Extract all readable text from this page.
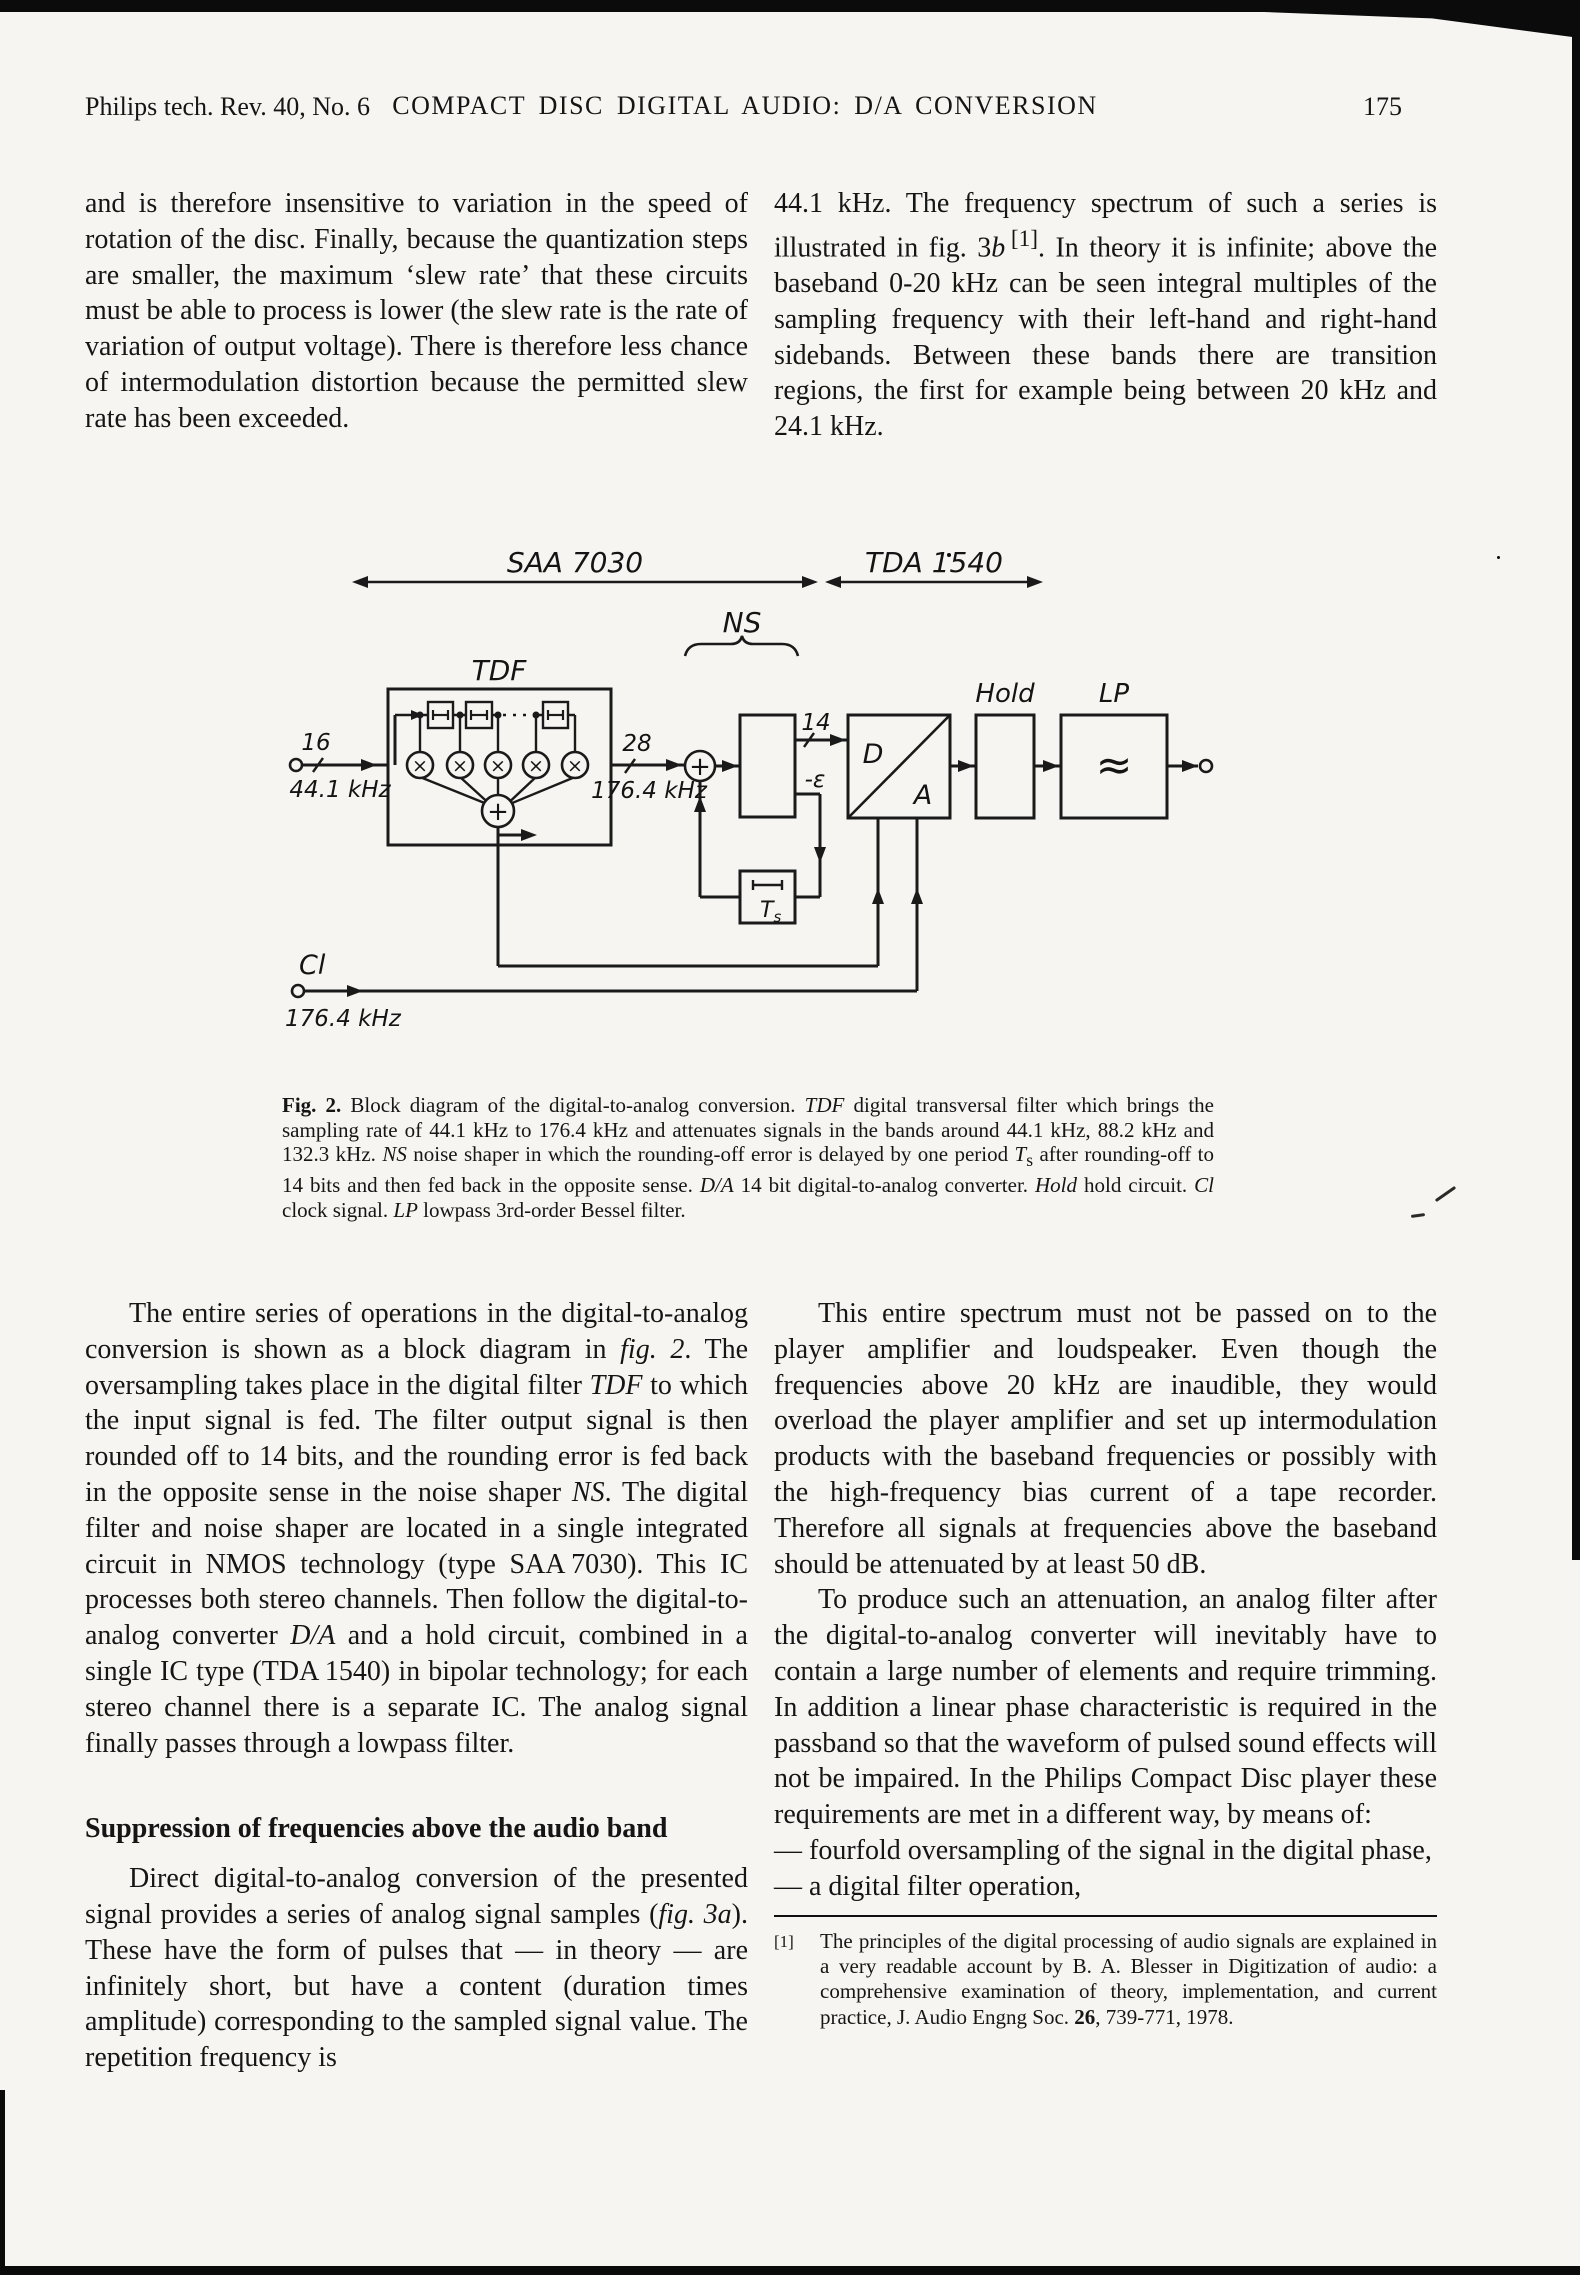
Philips tech. Rev. 40, No. 6 COMPACT DISC DIGITAL AUDIO: D/A CONVERSION	175

and is therefore insensitive to variation in the speed of rotation of the disc. Finally, because the quantization steps are smaller, the maximum ‘slew rate’ that these circuits must be able to process is lower (the slew rate is the rate of variation of output voltage). There is therefore less chance of intermodulation distortion because the permitted slew rate has been exceeded.

44.1 kHz. The frequency spectrum of such a series is illustrated in fig. 3b  [1]. In theory it is infinite; above the baseband 0-20 kHz can be seen integral multiples of the sampling frequency with their left-hand and right-hand sidebands. Between these bands there are transition regions, the first for example being between 20 kHz and 24.1 kHz.

SAA 7030	TDA 1540
NS
TDF
Hold LP
16
44.1 kHz
28
176.4 kHz
14
-ε
D
A
$T_s$
Cl
176.4 kHz
× × × × ×
+
+	≈
Fig. 2. Block diagram of the digital-to-analog conversion. TDF digital transversal filter which brings the sampling rate of 44.1 kHz to 176.4 kHz and attenuates signals in the bands around 44.1 kHz, 88.2 kHz and 132.3 kHz. NS noise shaper in which the rounding-off error is delayed by one period $T_s$ after rounding-off to 14 bits and then fed back in the opposite sense. D/A 14 bit digital-to-analog converter. Hold hold circuit. Cl clock signal. LP lowpass 3rd-order Bessel filter.

The entire series of operations in the digital-to-analog conversion is shown as a block diagram in fig. 2. The oversampling takes place in the digital filter TDF to which the input signal is fed. The filter output signal is then rounded off to 14 bits, and the rounding error is fed back in the opposite sense in the noise shaper NS. The digital filter and noise shaper are located in a single integrated circuit in NMOS technology (type SAA 7030). This IC processes both stereo channels. Then follow the digital-to-analog converter D/A and a hold circuit, combined in a single IC type (TDA 1540) in bipolar technology; for each stereo channel there is a separate IC. The analog signal finally passes through a lowpass filter.

Suppression of frequencies above the audio band

Direct digital-to-analog conversion of the presented signal provides a series of analog signal samples (fig. 3a). These have the form of pulses that — in theory — are infinitely short, but have a content (duration times amplitude) corresponding to the sampled signal value. The repetition frequency is

This entire spectrum must not be passed on to the player amplifier and loudspeaker. Even though the frequencies above 20 kHz are inaudible, they would overload the player amplifier and set up intermodulation products with the baseband frequencies or possibly with the high-frequency bias current of a tape recorder. Therefore all signals at frequencies above the baseband should be attenuated by at least 50 dB.

To produce such an attenuation, an analog filter after the digital-to-analog converter will inevitably have to contain a large number of elements and require trimming. In addition a linear phase characteristic is required in the passband so that the waveform of pulsed sound effects will not be impaired. In the Philips Compact Disc player these requirements are met in a different way, by means of:

— fourfold oversampling of the signal in the digital phase,

— a digital filter operation,

[1]	The principles of the digital processing of audio signals are explained in a very readable account by B. A. Blesser in Digitization of audio: a comprehensive examination of theory, implementation, and current practice, J. Audio Engng Soc. 26, 739-771, 1978.
